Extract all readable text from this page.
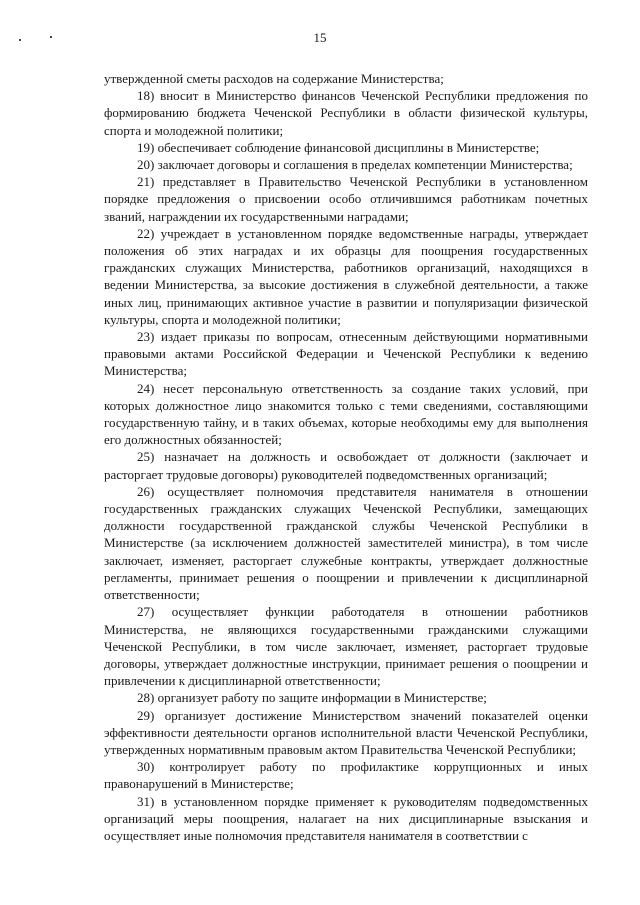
15

утвержденной сметы расходов на содержание Министерства;

18) вносит в Министерство финансов Чеченской Республики предложения по формированию бюджета Чеченской Республики в области физической культуры, спорта и молодежной политики;

19) обеспечивает соблюдение финансовой дисциплины в Министерстве;

20) заключает договоры и соглашения в пределах компетенции Министерства;

21) представляет в Правительство Чеченской Республики в установленном порядке предложения о присвоении особо отличившимся работникам почетных званий, награждении их государственными наградами;

22) учреждает в установленном порядке ведомственные награды, утверждает положения об этих наградах и их образцы для поощрения государственных гражданских служащих Министерства, работников организаций, находящихся в ведении Министерства, за высокие достижения в служебной деятельности, а также иных лиц, принимающих активное участие в развитии и популяризации физической культуры, спорта и молодежной политики;

23) издает приказы по вопросам, отнесенным действующими нормативными правовыми актами Российской Федерации и Чеченской Республики к ведению Министерства;

24) несет персональную ответственность за создание таких условий, при которых должностное лицо знакомится только с теми сведениями, составляющими государственную тайну, и в таких объемах, которые необходимы ему для выполнения его должностных обязанностей;

25) назначает на должность и освобождает от должности (заключает и расторгает трудовые договоры) руководителей подведомственных организаций;

26) осуществляет полномочия представителя нанимателя в отношении государственных гражданских служащих Чеченской Республики, замещающих должности государственной гражданской службы Чеченской Республики в Министерстве (за исключением должностей заместителей министра), в том числе заключает, изменяет, расторгает служебные контракты, утверждает должностные регламенты, принимает решения о поощрении и привлечении к дисциплинарной ответственности;

27) осуществляет функции работодателя в отношении работников Министерства, не являющихся государственными гражданскими служащими Чеченской Республики, в том числе заключает, изменяет, расторгает трудовые договоры, утверждает должностные инструкции, принимает решения о поощрении и привлечении к дисциплинарной ответственности;

28) организует работу по защите информации в Министерстве;

29) организует достижение Министерством значений показателей оценки эффективности деятельности органов исполнительной власти Чеченской Республики, утвержденных нормативным правовым актом Правительства Чеченской Республики;

30) контролирует работу по профилактике коррупционных и иных правонарушений в Министерстве;

31) в установленном порядке применяет к руководителям подведомственных организаций меры поощрения, налагает на них дисциплинарные взыскания и осуществляет иные полномочия представителя нанимателя в соответствии с
